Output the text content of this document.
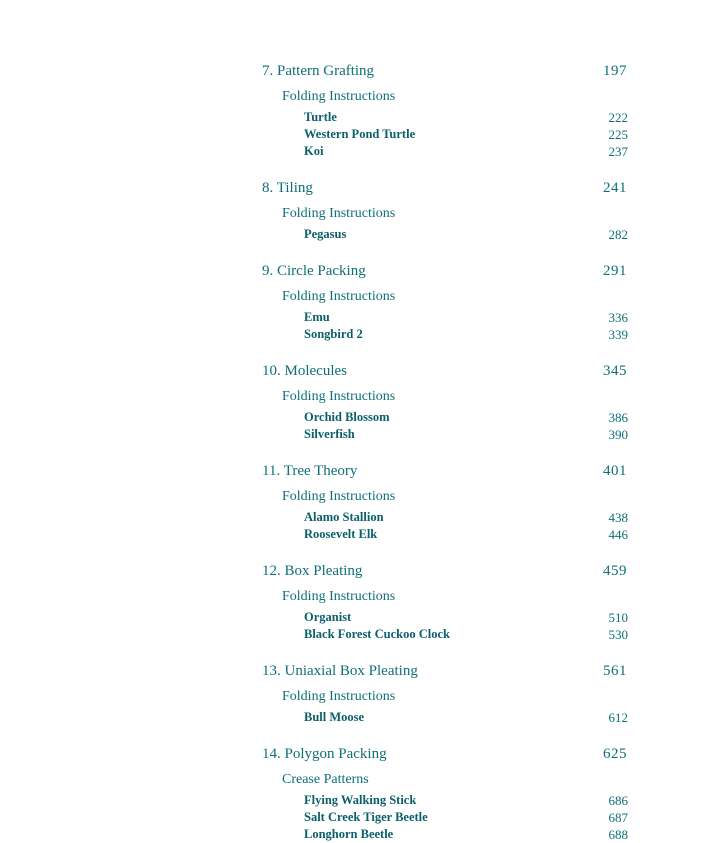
7. Pattern Grafting	197
Folding Instructions
Turtle	222
Western Pond Turtle	225
Koi	237
8. Tiling	241
Folding Instructions
Pegasus	282
9. Circle Packing	291
Folding Instructions
Emu	336
Songbird 2	339
10. Molecules	345
Folding Instructions
Orchid Blossom	386
Silverfish	390
11. Tree Theory	401
Folding Instructions
Alamo Stallion	438
Roosevelt Elk	446
12. Box Pleating	459
Folding Instructions
Organist	510
Black Forest Cuckoo Clock	530
13. Uniaxial Box Pleating	561
Folding Instructions
Bull Moose	612
14. Polygon Packing	625
Crease Patterns
Flying Walking Stick	686
Salt Creek Tiger Beetle	687
Longhorn Beetle	688
